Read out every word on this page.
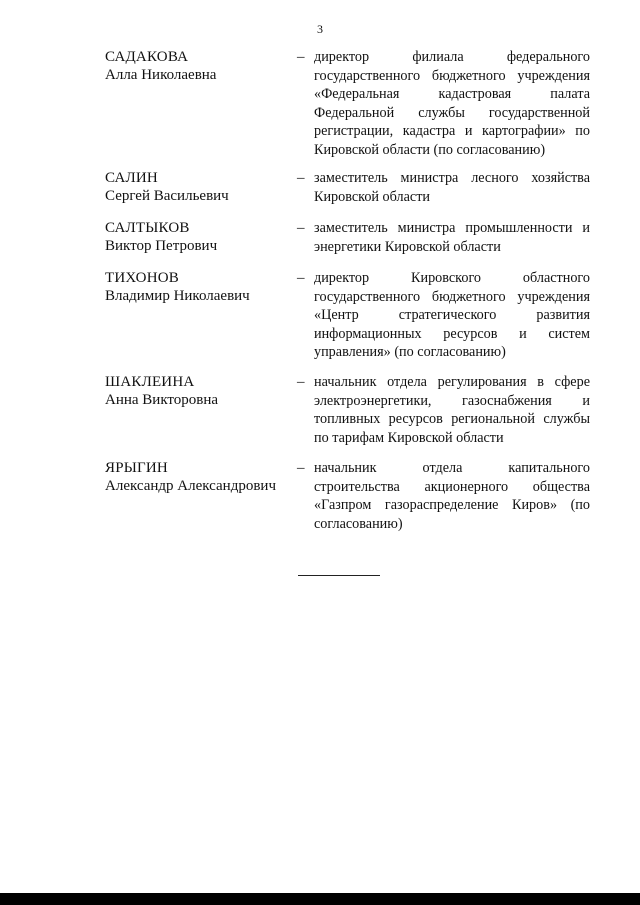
3
САДАКОВА
Алла Николаевна
– директор филиала федерального государственного бюджетного учреждения «Федеральная кадастровая палата Федеральной службы государственной регистрации, кадастра и картографии» по Кировской области (по согласованию)
САЛИН
Сергей Васильевич
– заместитель министра лесного хозяйства Кировской области
САЛТЫКОВ
Виктор Петрович
– заместитель министра промышленности и энергетики Кировской области
ТИХОНОВ
Владимир Николаевич
– директор Кировского областного государственного бюджетного учреждения «Центр стратегического развития информационных ресурсов и систем управления» (по согласованию)
ШАКЛЕИНА
Анна Викторовна
– начальник отдела регулирования в сфере электроэнергетики, газоснабжения и топливных ресурсов региональной службы по тарифам Кировской области
ЯРЫГИН
Александр Александрович
– начальник отдела капитального строительства акционерного общества «Газпром газораспределение Киров» (по согласованию)
